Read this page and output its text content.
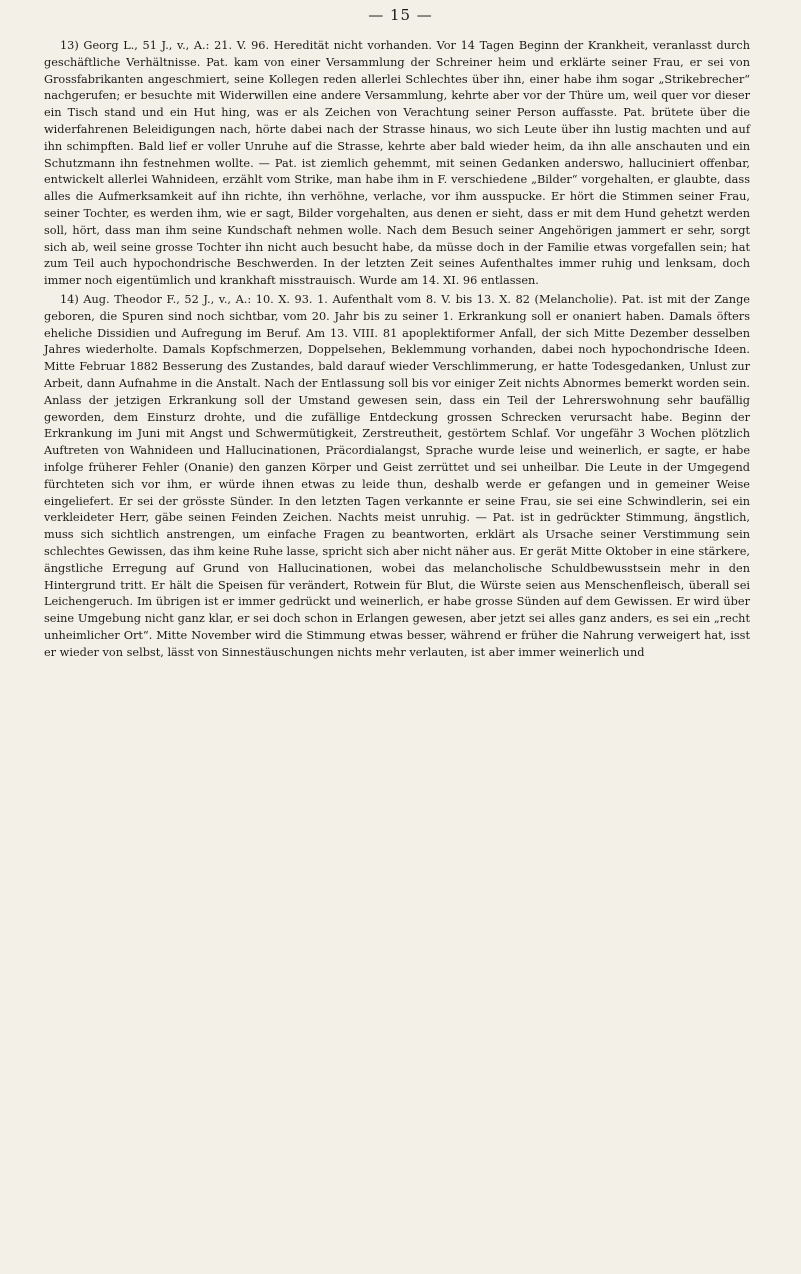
— 15 —

13) Georg L., 51 J., v., A.: 21. V. 96. Heredität nicht vorhanden. Vor 14 Tagen Beginn der Krankheit, veranlasst durch geschäftliche Verhältnisse. Pat. kam von einer Versammlung der Schreiner heim und erklärte seiner Frau, er sei von Grossfabrikanten angeschmiert, seine Kollegen reden allerlei Schlechtes über ihn, einer habe ihm sogar „Strikebrecher“ nachgerufen; er besuchte mit Widerwillen eine andere Versammlung, kehrte aber vor der Thüre um, weil quer vor dieser ein Tisch stand und ein Hut hing, was er als Zeichen von Verachtung seiner Person auffasste. Pat. brütete über die widerfahrenen Beleidigungen nach, hörte dabei nach der Strasse hinaus, wo sich Leute über ihn lustig machten und auf ihn schimpften. Bald lief er voller Unruhe auf die Strasse, kehrte aber bald wieder heim, da ihn alle anschauten und ein Schutzmann ihn festnehmen wollte. — Pat. ist ziemlich gehemmt, mit seinen Gedanken anderswo, halluciniert offenbar, entwickelt allerlei Wahnideen, erzählt vom Strike, man habe ihm in F. verschiedene „Bilder“ vorgehalten, er glaubte, dass alles die Aufmerksamkeit auf ihn richte, ihn verhöhne, verlache, vor ihm ausspucke. Er hört die Stimmen seiner Frau, seiner Tochter, es werden ihm, wie er sagt, Bilder vorgehalten, aus denen er sieht, dass er mit dem Hund gehetzt werden soll, hört, dass man ihm seine Kundschaft nehmen wolle. Nach dem Besuch seiner Angehörigen jammert er sehr, sorgt sich ab, weil seine grosse Tochter ihn nicht auch besucht habe, da müsse doch in der Familie etwas vorgefallen sein; hat zum Teil auch hypochondrische Beschwerden. In der letzten Zeit seines Aufenthaltes immer ruhig und lenksam, doch immer noch eigentümlich und krankhaft misstrauisch. Wurde am 14. XI. 96 entlassen.

14) Aug. Theodor F., 52 J., v., A.: 10. X. 93. 1. Aufenthalt vom 8. V. bis 13. X. 82 (Melancholie). Pat. ist mit der Zange geboren, die Spuren sind noch sichtbar, vom 20. Jahr bis zu seiner 1. Erkrankung soll er onaniert haben. Damals öfters eheliche Dissidien und Aufregung im Beruf. Am 13. VIII. 81 apoplektiformer Anfall, der sich Mitte Dezember desselben Jahres wiederholte. Damals Kopfschmerzen, Doppelsehen, Beklemmung vorhanden, dabei noch hypochondrische Ideen. Mitte Februar 1882 Besserung des Zustandes, bald darauf wieder Verschlimmerung, er hatte Todesgedanken, Unlust zur Arbeit, dann Aufnahme in die Anstalt. Nach der Entlassung soll bis vor einiger Zeit nichts Abnormes bemerkt worden sein. Anlass der jetzigen Erkrankung soll der Umstand gewesen sein, dass ein Teil der Lehrerswohnung sehr baufällig geworden, dem Einsturz drohte, und die zufällige Entdeckung grossen Schrecken verursacht habe. Beginn der Erkrankung im Juni mit Angst und Schwermütigkeit, Zerstreutheit, gestörtem Schlaf. Vor ungefähr 3 Wochen plötzlich Auftreten von Wahnideen und Hallucinationen, Präcordialangst, Sprache wurde leise und weinerlich, er sagte, er habe infolge früherer Fehler (Onanie) den ganzen Körper und Geist zerrüttet und sei unheilbar. Die Leute in der Umgegend fürchteten sich vor ihm, er würde ihnen etwas zu leide thun, deshalb werde er gefangen und in gemeiner Weise eingeliefert. Er sei der grösste Sünder. In den letzten Tagen verkannte er seine Frau, sie sei eine Schwindlerin, sei ein verkleideter Herr, gäbe seinen Feinden Zeichen. Nachts meist unruhig. — Pat. ist in gedrückter Stimmung, ängstlich, muss sich sichtlich anstrengen, um einfache Fragen zu beantworten, erklärt als Ursache seiner Verstimmung sein schlechtes Gewissen, das ihm keine Ruhe lasse, spricht sich aber nicht näher aus. Er gerät Mitte Oktober in eine stärkere, ängstliche Erregung auf Grund von Hallucinationen, wobei das melancholische Schuldbewusstsein mehr in den Hintergrund tritt. Er hält die Speisen für verändert, Rotwein für Blut, die Würste seien aus Menschenfleisch, überall sei Leichengeruch. Im übrigen ist er immer gedrückt und weinerlich, er habe grosse Sünden auf dem Gewissen. Er wird über seine Umgebung nicht ganz klar, er sei doch schon in Erlangen gewesen, aber jetzt sei alles ganz anders, es sei ein „recht unheimlicher Ort“. Mitte November wird die Stimmung etwas besser, während er früher die Nahrung verweigert hat, isst er wieder von selbst, lässt von Sinnestäuschungen nichts mehr verlauten, ist aber immer weinerlich und
